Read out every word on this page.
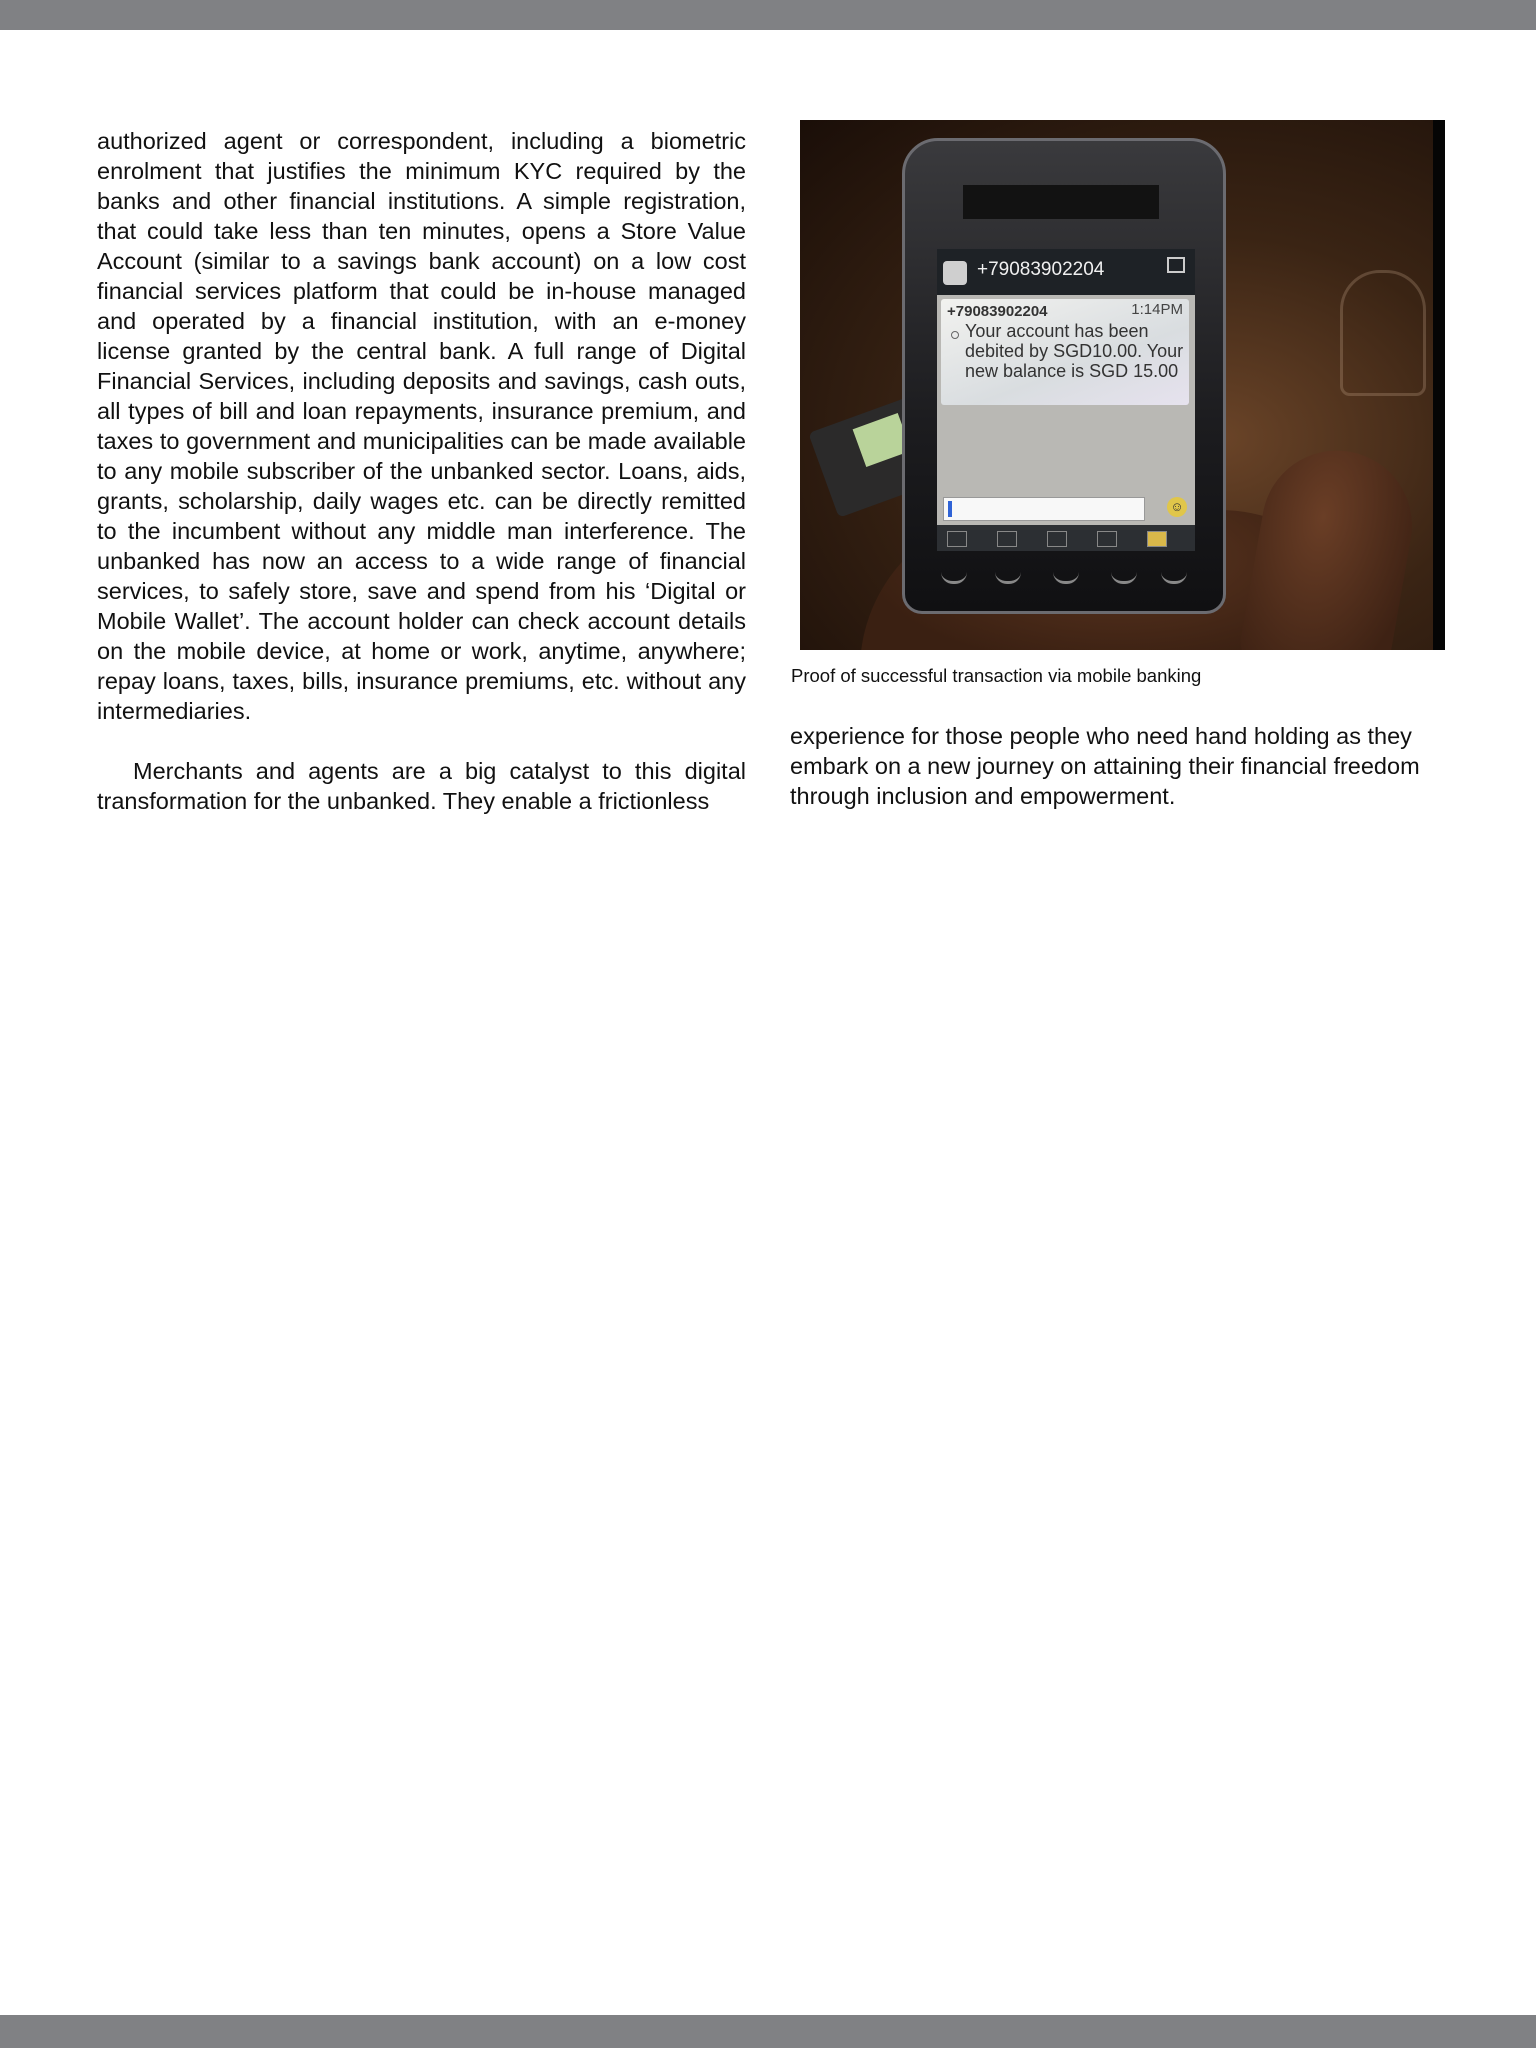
authorized agent or correspondent, including a biometric enrolment that justifies the minimum KYC required by the banks and other financial institutions. A simple registration, that could take less than ten minutes, opens a Store Value Account (similar to a savings bank account) on a low cost financial services platform that could be in-house managed and operated by a financial institution, with an e-money license granted by the central bank. A full range of Digital Financial Services, including deposits and savings, cash outs, all types of bill and loan repayments, insurance premium, and taxes to government and municipalities can be made available to any mobile subscriber of the unbanked sector. Loans, aids, grants, scholarship, daily wages etc. can be directly remitted to the incumbent without any middle man interference. The unbanked has now an access to a wide range of financial services, to safely store, save and spend from his ‘Digital or Mobile Wallet’. The account holder can check account details on the mobile device, at home or work, anytime, anywhere; repay loans, taxes, bills, insurance premiums, etc. without any intermediaries.

Merchants and agents are a big catalyst to this digital transformation for the unbanked. They enable a frictionless

+79083902204
+79083902204	1:14PM
Your account has been debited by SGD10.00. Your new balance is SGD 15.00
☺
Proof of successful transaction via mobile banking

experience for those people who need hand holding as they embark on a new journey on attaining their financial freedom through inclusion and empowerment.
